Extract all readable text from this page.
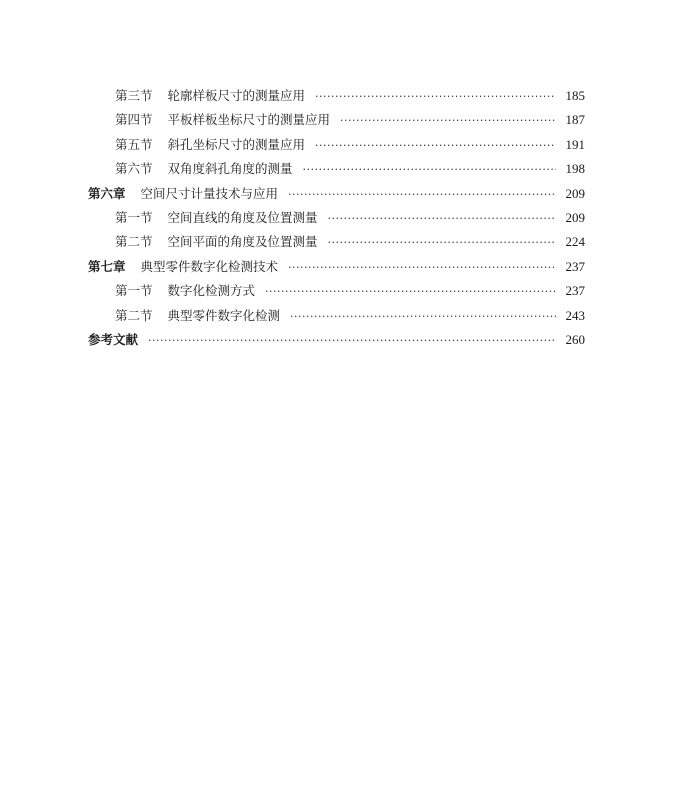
第三节 轮廓样板尺寸的测量应用 ·····	185
第四节 平板样板坐标尺寸的测量应用 ·····	187
第五节 斜孔坐标尺寸的测量应用 ·····	191
第六节 双角度斜孔角度的测量 ·····	198
第六章 空间尺寸计量技术与应用 ·····	209
第一节 空间直线的角度及位置测量 ·····	209
第二节 空间平面的角度及位置测量 ·····	224
第七章 典型零件数字化检测技术 ·····	237
第一节 数字化检测方式 ·····	237
第二节 典型零件数字化检测 ·····	243
参考文献 ·····	260
